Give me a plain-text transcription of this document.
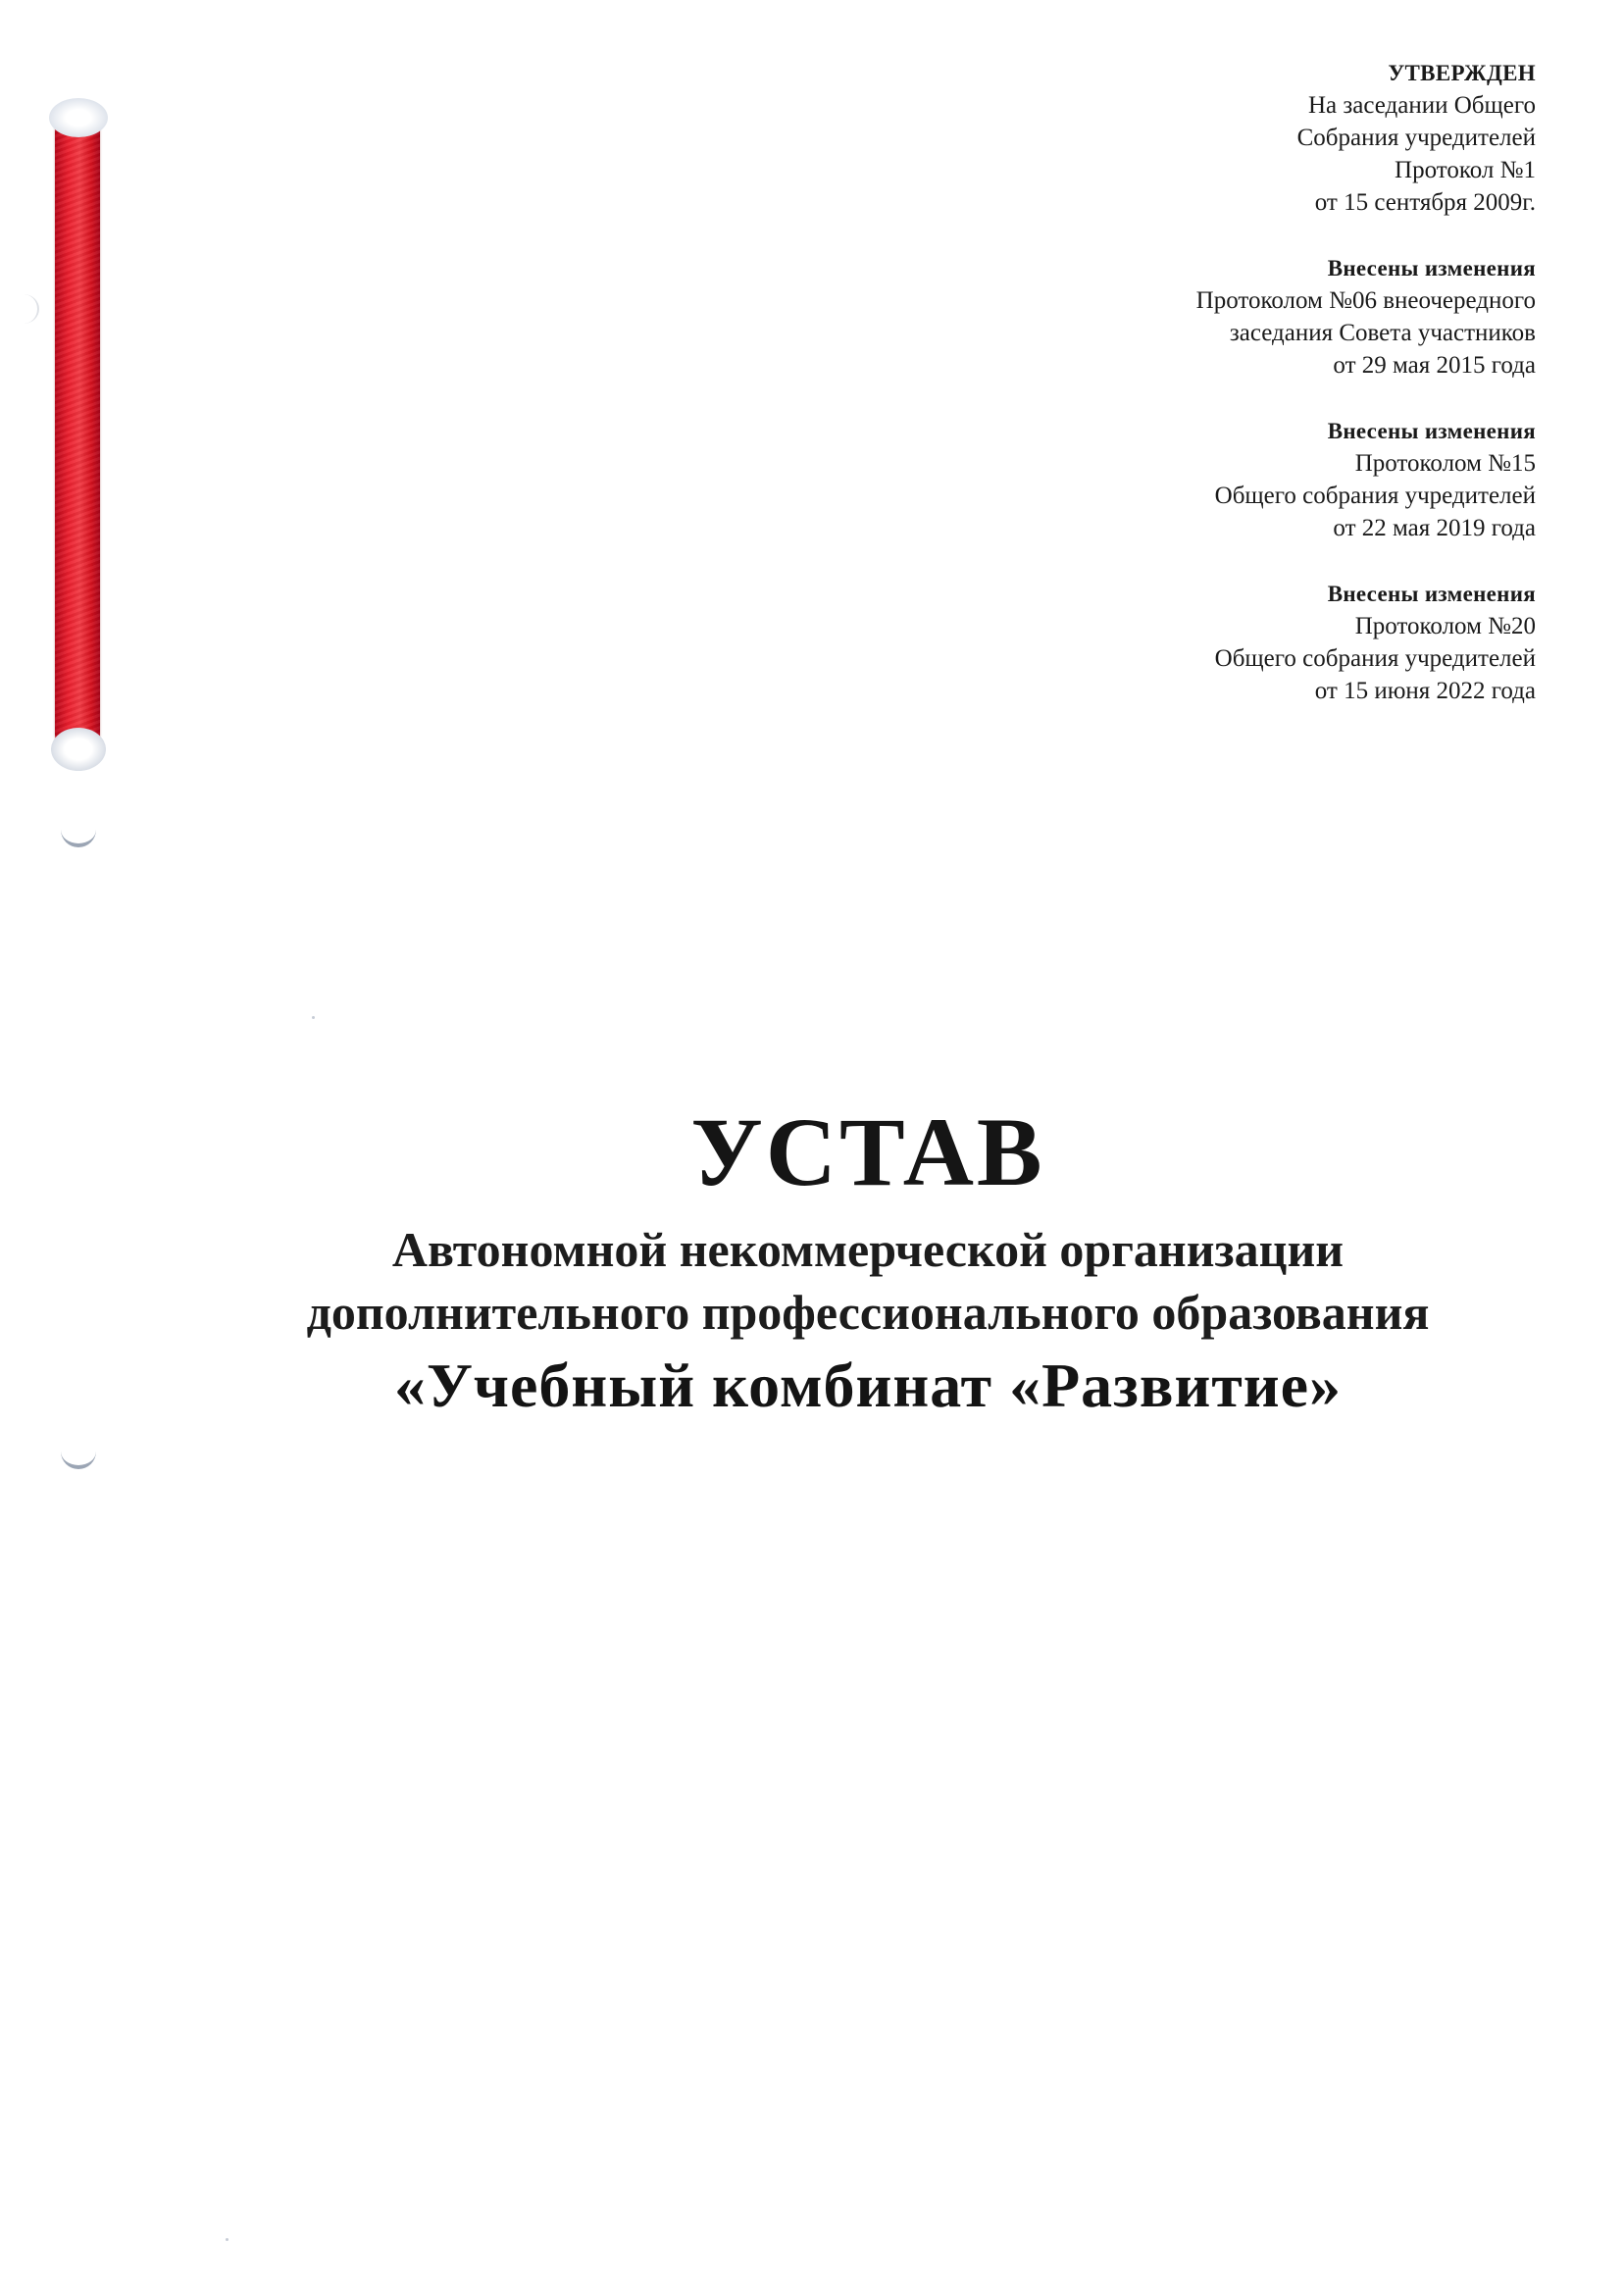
УТВЕРЖДЕН
На заседании Общего
Собрания учредителей
Протокол №1
от 15 сентября 2009г.
Внесены изменения
Протоколом №06 внеочередного
заседания Совета участников
от 29 мая 2015 года
Внесены изменения
Протоколом №15
Общего собрания учредителей
от 22 мая 2019 года
Внесены изменения
Протоколом №20
Общего собрания учредителей
от 15 июня 2022 года
УСТАВ
Автономной некоммерческой организации
дополнительного профессионального образования
«Учебный комбинат «Развитие»
